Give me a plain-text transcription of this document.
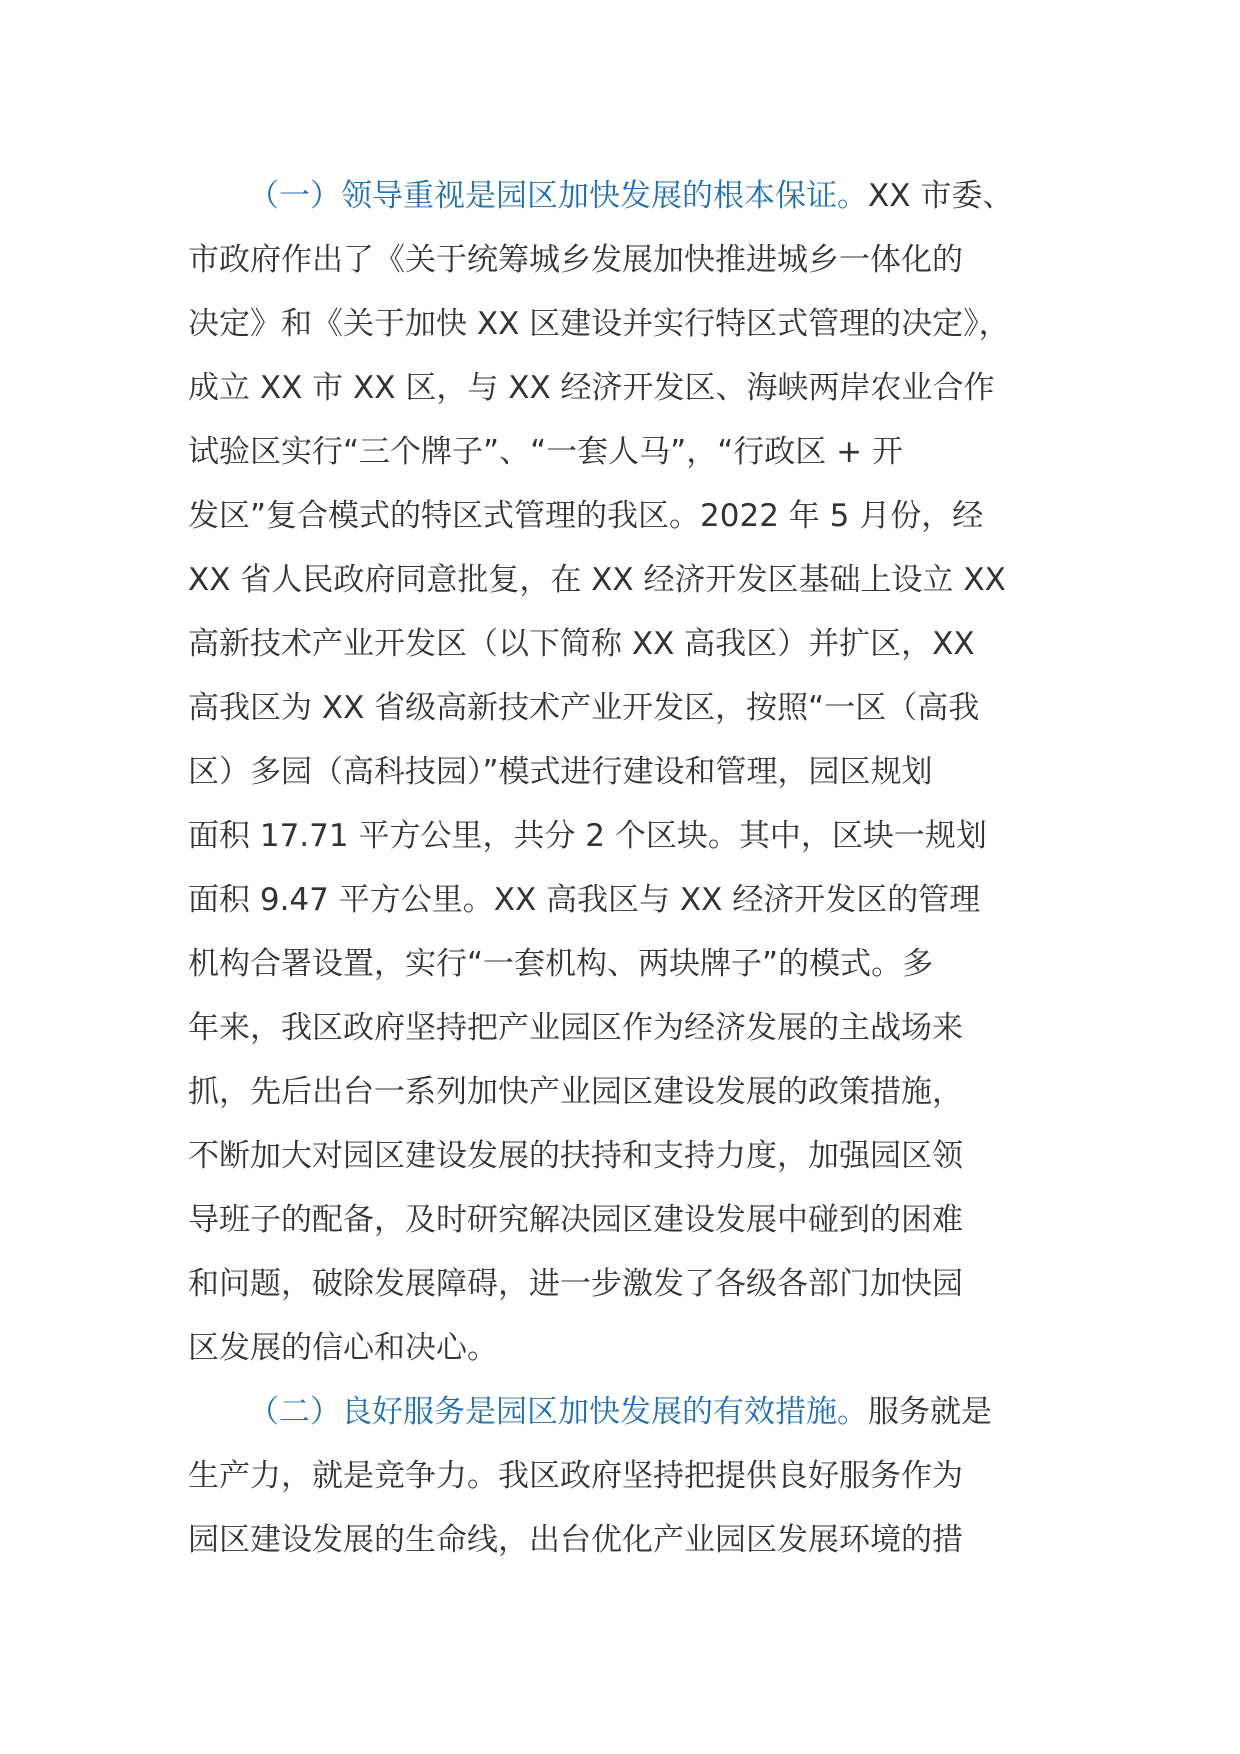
（一）领导重视是园区加快发展的根本保证。XX 市委、
市政府作出了《关于统筹城乡发展加快推进城乡一体化的
决定》和《关于加快 XX 区建设并实行特区式管理的决定》，
成立 XX 市 XX 区，与 XX 经济开发区、海峡两岸农业合作
试验区实行“三个牌子”、“一套人马”，“行政区 + 开
发区”复合模式的特区式管理的我区。2022 年 5 月份，经
XX 省人民政府同意批复，在 XX 经济开发区基础上设立 XX
高新技术产业开发区（以下简称 XX 高我区）并扩区，XX
高我区为 XX 省级高新技术产业开发区，按照“一区（高我
区）多园（高科技园）”模式进行建设和管理，园区规划
面积 17.71 平方公里，共分 2 个区块。其中，区块一规划
面积 9.47 平方公里。XX 高我区与 XX 经济开发区的管理
机构合署设置，实行“一套机构、两块牌子”的模式。多
年来，我区政府坚持把产业园区作为经济发展的主战场来
抓，先后出台一系列加快产业园区建设发展的政策措施，
不断加大对园区建设发展的扶持和支持力度，加强园区领
导班子的配备，及时研究解决园区建设发展中碰到的困难
和问题，破除发展障碍，进一步激发了各级各部门加快园
区发展的信心和决心。
（二）良好服务是园区加快发展的有效措施。服务就是
生产力，就是竞争力。我区政府坚持把提供良好服务作为
园区建设发展的生命线，出台优化产业园区发展环境的措
